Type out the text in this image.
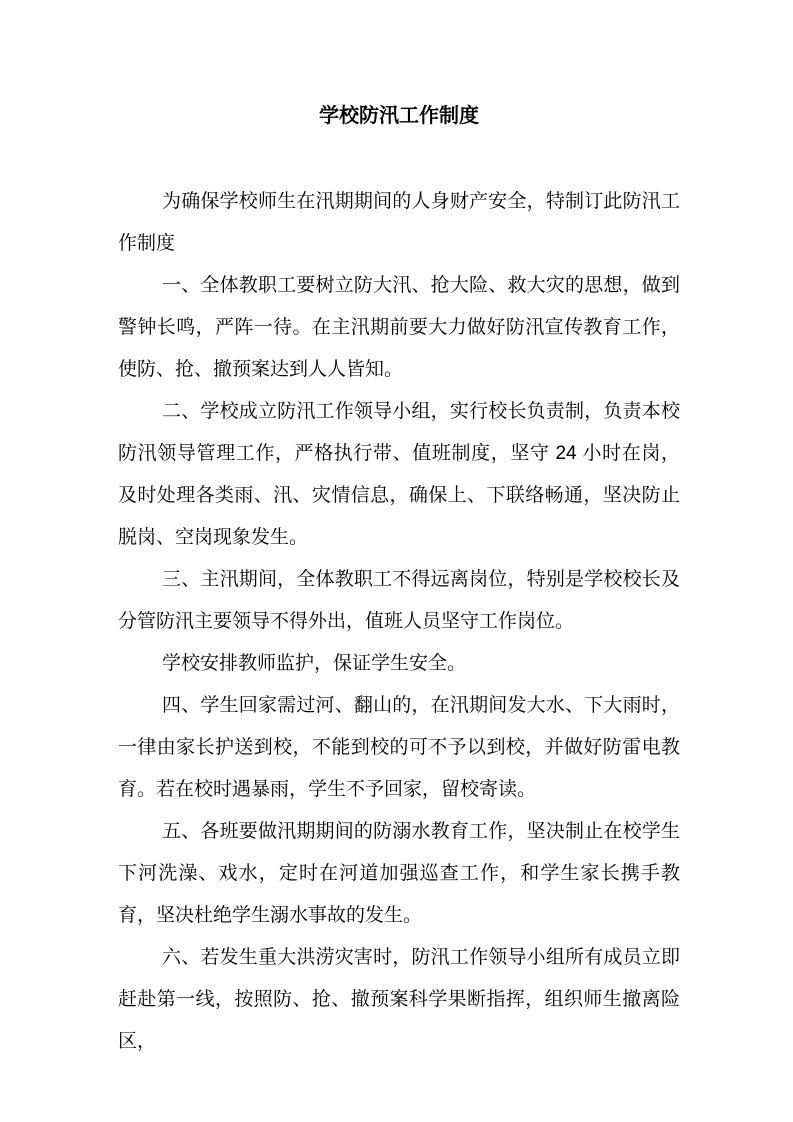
学校防汛工作制度

为确保学校师生在汛期期间的人身财产安全，特制订此防汛工作制度

一、全体教职工要树立防大汛、抢大险、救大灾的思想，做到警钟长鸣，严阵一待。在主汛期前要大力做好防汛宣传教育工作，使防、抢、撤预案达到人人皆知。

二、学校成立防汛工作领导小组，实行校长负责制，负责本校防汛领导管理工作，严格执行带、值班制度，坚守 24 小时在岗，及时处理各类雨、汛、灾情信息，确保上、下联络畅通，坚决防止脱岗、空岗现象发生。

三、主汛期间，全体教职工不得远离岗位，特别是学校校长及分管防汛主要领导不得外出，值班人员坚守工作岗位。

学校安排教师监护，保证学生安全。

四、学生回家需过河、翻山的，在汛期间发大水、下大雨时，一律由家长护送到校，不能到校的可不予以到校，并做好防雷电教育。若在校时遇暴雨，学生不予回家，留校寄读。

五、各班要做汛期期间的防溺水教育工作，坚决制止在校学生下河洗澡、戏水，定时在河道加强巡查工作，和学生家长携手教育，坚决杜绝学生溺水事故的发生。

六、若发生重大洪涝灾害时，防汛工作领导小组所有成员立即赶赴第一线，按照防、抢、撤预案科学果断指挥，组织师生撤离险区，
